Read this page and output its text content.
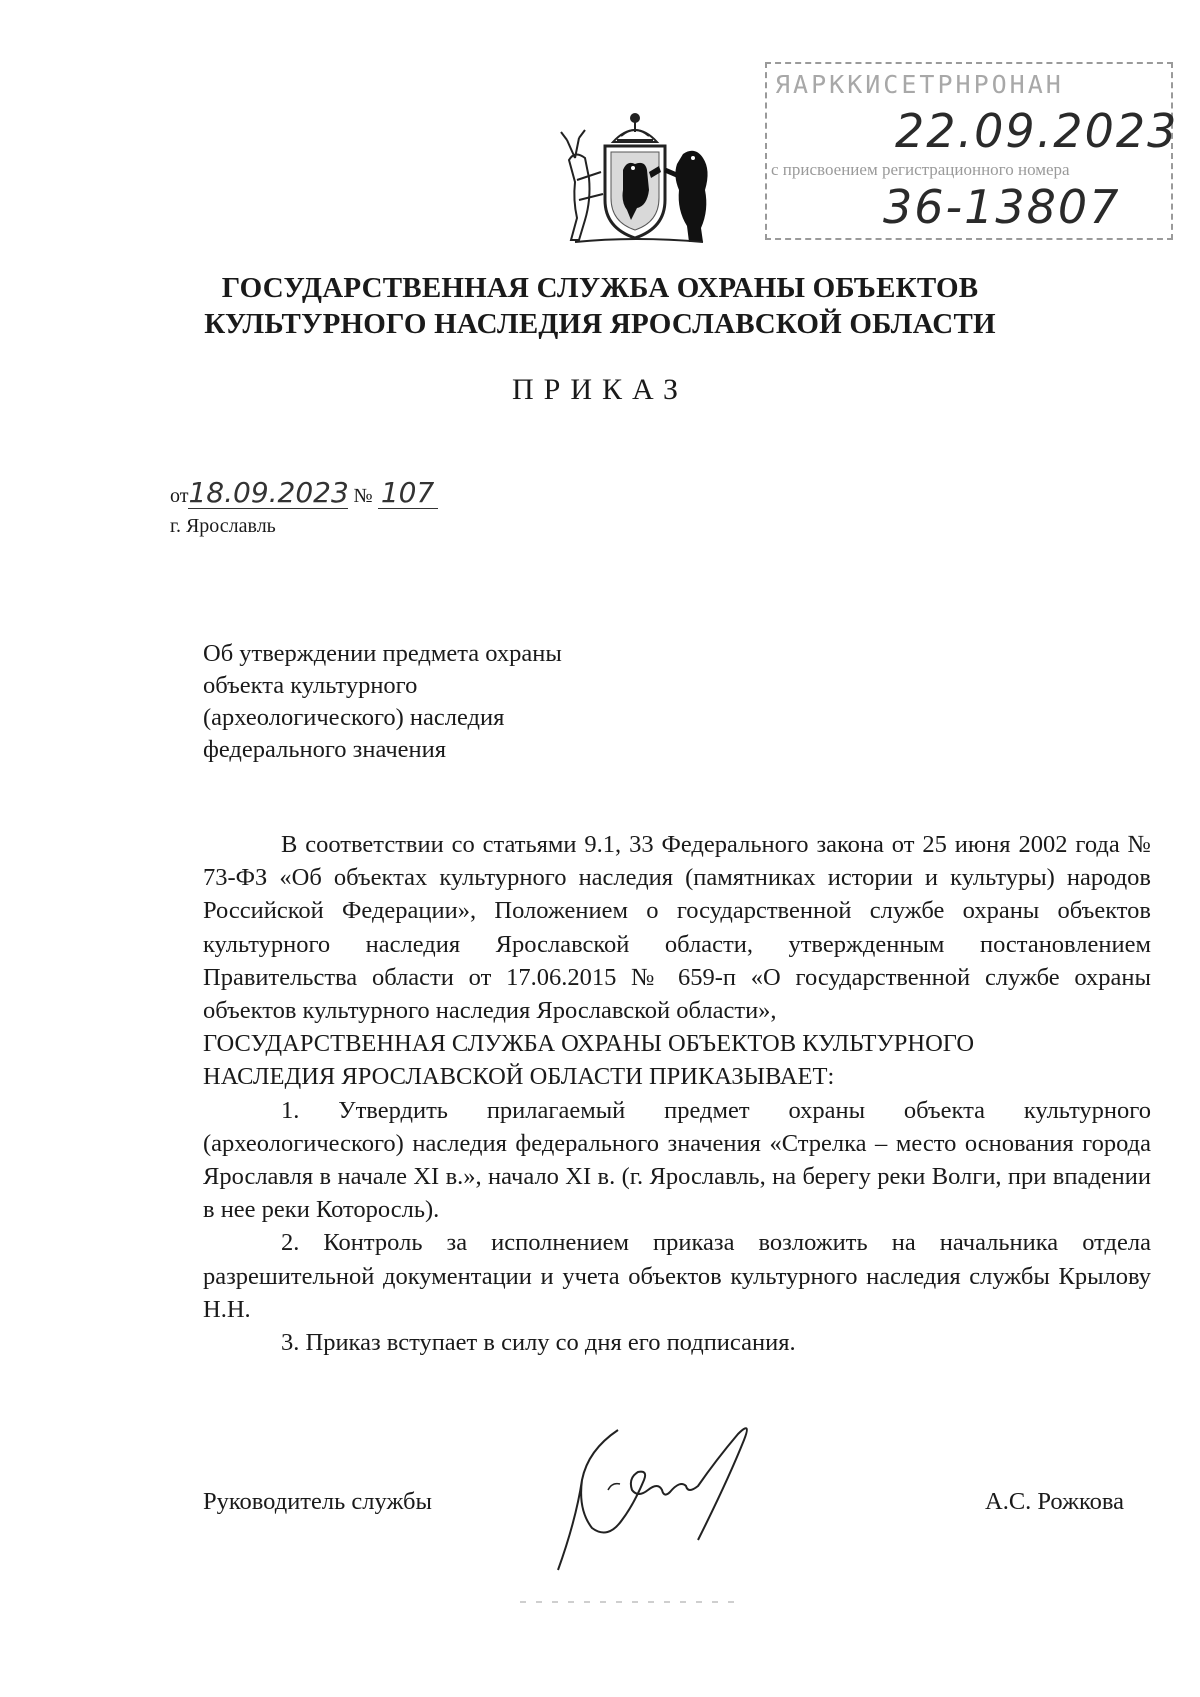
ЯАРККИСЕТРНРОНАН
22.09.2023
с присвоением регистрационного номера
36-13807
ГОСУДАРСТВЕННАЯ СЛУЖБА ОХРАНЫ ОБЪЕКТОВ
КУЛЬТУРНОГО НАСЛЕДИЯ ЯРОСЛАВСКОЙ ОБЛАСТИ
ПРИКАЗ
от18.09.2023 № 107
г. Ярославль
Об утверждении предмета охраны
объекта культурного
(археологического) наследия
федерального значения

В соответствии со статьями 9.1, 33 Федерального закона от 25 июня 2002 года № 73-ФЗ «Об объектах культурного наследия (памятниках истории и культуры) народов Российской Федерации», Положением о государственной службе охраны объектов культурного наследия Ярославской области, утвержденным постановлением Правительства области от 17.06.2015 № 659-п «О государственной службе охраны объектов культурного наследия Ярославской области»,

ГОСУДАРСТВЕННАЯ СЛУЖБА ОХРАНЫ ОБЪЕКТОВ КУЛЬТУРНОГО

НАСЛЕДИЯ ЯРОСЛАВСКОЙ ОБЛАСТИ ПРИКАЗЫВАЕТ:

1. Утвердить прилагаемый предмет охраны объекта культурного (археологического) наследия федерального значения «Стрелка – место основания города Ярославля в начале XI в.», начало XI в. (г. Ярославль, на берегу реки Волги, при впадении в нее реки Которосль).

2. Контроль за исполнением приказа возложить на начальника отдела разрешительной документации и учета объектов культурного наследия службы Крылову Н.Н.

3. Приказ вступает в силу со дня его подписания.

Руководитель службы	А.С. Рожкова
